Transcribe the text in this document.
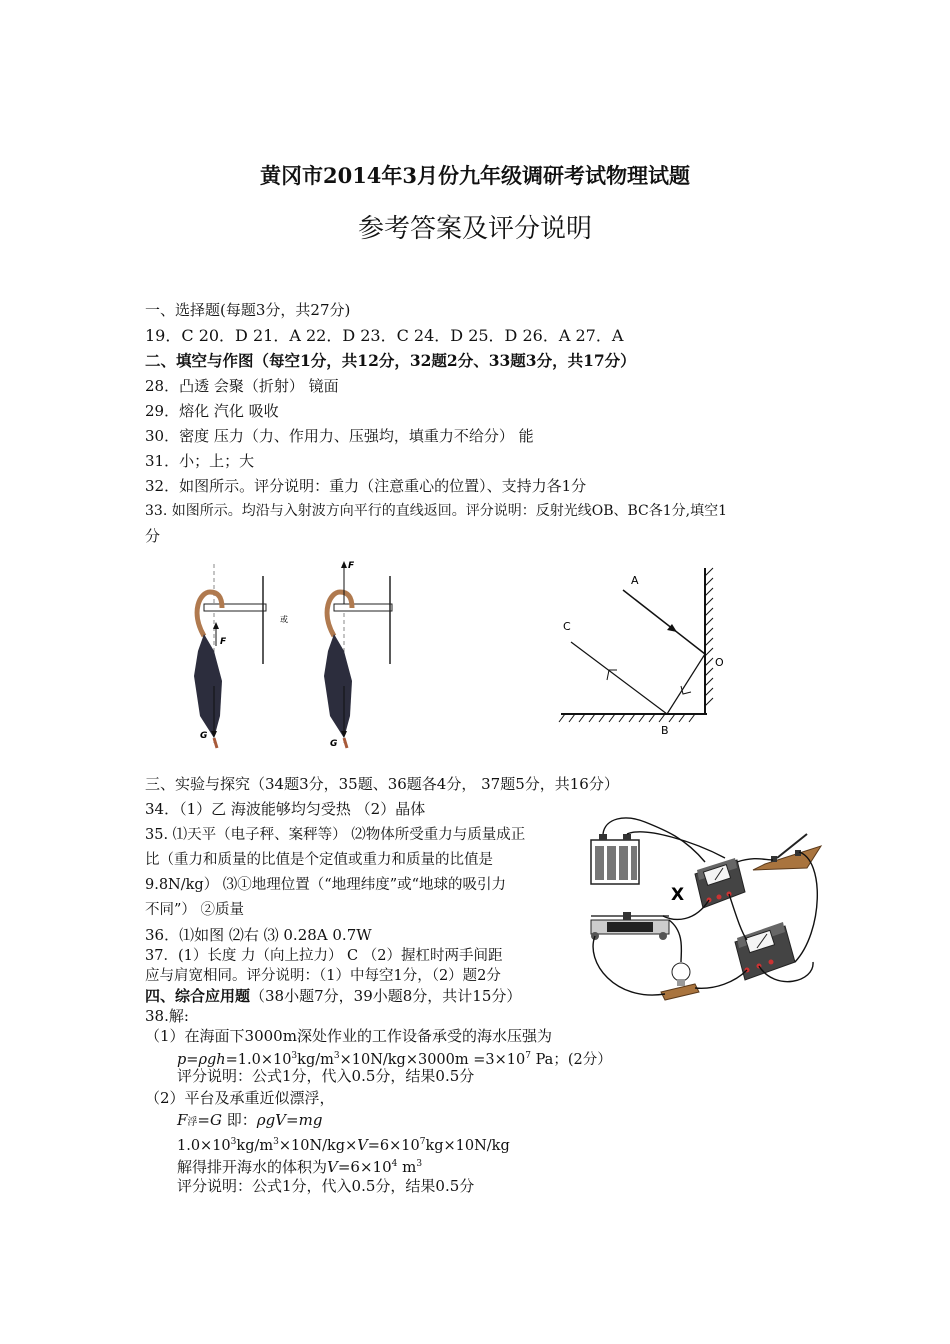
黄冈市2014年3月份九年级调研考试物理试题
参考答案及评分说明
一、选择题(每题3分，共27分)
19．C 20．D 21．A 22．D 23．C 24．D 25．D 26．A 27．A
二、填空与作图（每空1分，共12分，32题2分、33题3分，共17分）
28．凸透 会聚（折射） 镜面
29．熔化 汽化 吸收
30．密度 压力（力、作用力、压强均，填重力不给分） 能
31．小；上；大
32．如图所示。评分说明：重力（注意重心的位置）、支持力各1分
33. 如图所示。均沿与入射波方向平行的直线返回。评分说明：反射光线OB、BC各1分,填空1
分
F
G
或
F
G
A
C
O
B
三、实验与探究（34题3分，35题、36题各4分， 37题5分，共16分）
34．（1）乙 海波能够均匀受热 （2）晶体
35. ⑴天平（电子秤、案秤等） ⑵物体所受重力与质量成正
比（重力和质量的比值是个定值或重力和质量的比值是
9.8N/kg） ⑶①地理位置（“地理纬度”或“地球的吸引力
不同”） ②质量
36．⑴如图 ⑵右 ⑶ 0.28A 0.7W
37．(1）长度 力（向上拉力） C （2）握杠时两手间距
应与肩宽相同。评分说明：（1）中每空1分，（2）题2分
X
四、综合应用题（38小题7分，39小题8分，共计15分）
38.解:
（1）在海面下3000m深处作业的工作设备承受的海水压强为
$p=\rho gh=1.0\times 10^3kg/m^3\times 10N/kg\times 3000m =3\times 10^7$ Pa；(2分）
评分说明：公式1分，代入0.5分，结果0.5分
（2）平台及承重近似漂浮，
F浮=G 即：ρgV=mg
$1.0\times 10^3kg/m^3\times 10N/kg\times V=6\times 10^7kg\times 10N/kg$
解得排开海水的体积为$V=6\times 10^4$ $m^3$
评分说明：公式1分，代入0.5分，结果0.5分
